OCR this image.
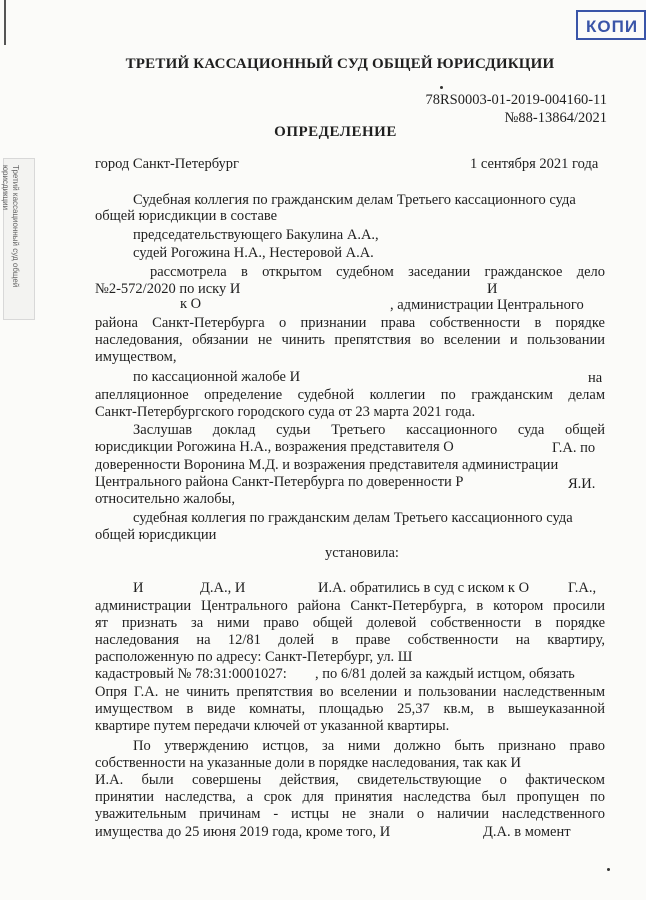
КОПИ
Третий кассационный суд общей
юрисдикции
ТРЕТИЙ КАССАЦИОННЫЙ СУД ОБЩЕЙ ЮРИСДИКЦИИ
78RS0003-01-2019-004160-11
№88-13864/2021
ОПРЕДЕЛЕНИЕ
город Санкт-Петербург	1 сентября 2021 года
Судебная коллегия по гражданским делам Третьего кассационного суда
общей юрисдикции в составе
председательствующего Бакулина А.А.,
судей Рогожина Н.А., Нестеровой А.А.
рассмотрела в открытом судебном заседании гражданское дело
№2-572/2020 по иску И	И
к О	, администрации Центрального
района Санкт-Петербурга о признании права собственности в порядке
наследования, обязании не чинить препятствия во вселении и пользовании
имуществом,
по кассационной жалобе И	на
апелляционное определение судебной коллегии по гражданским делам
Санкт-Петербургского городского суда от 23 марта 2021 года.
Заслушав доклад судьи Третьего кассационного суда общей
юрисдикции Рогожина Н.А., возражения представителя О	Г.А. по
доверенности Воронина М.Д. и возражения представителя администрации
Центрального района Санкт-Петербурга по доверенности Р	Я.И.
относительно жалобы,
судебная коллегия по гражданским делам Третьего кассационного суда
общей юрисдикции
установила:
И	Д.А., И	И.А. обратились в суд с иском к О	Г.А.,
администрации Центрального района Санкт-Петербурга, в котором просили
ят признать за ними право общей долевой собственности в порядке
наследования на 12/81 долей в праве собственности на квартиру,
расположенную по адресу: Санкт-Петербург, ул. Ш
кадастровый № 78:31:0001027: , по 6/81 долей за каждый истцом, обязать
Опря Г.А. не чинить препятствия во вселении и пользовании наследственным
имуществом в виде комнаты, площадью 25,37 кв.м, в вышеуказанной
квартире путем передачи ключей от указанной квартиры.
По утверждению истцов, за ними должно быть признано право
собственности на указанные доли в порядке наследования, так как И
И.А. были совершены действия, свидетельствующие о фактическом
принятии наследства, а срок для принятия наследства был пропущен по
уважительным причинам - истцы не знали о наличии наследственного
имущества до 25 июня 2019 года, кроме того, И	Д.А. в момент
